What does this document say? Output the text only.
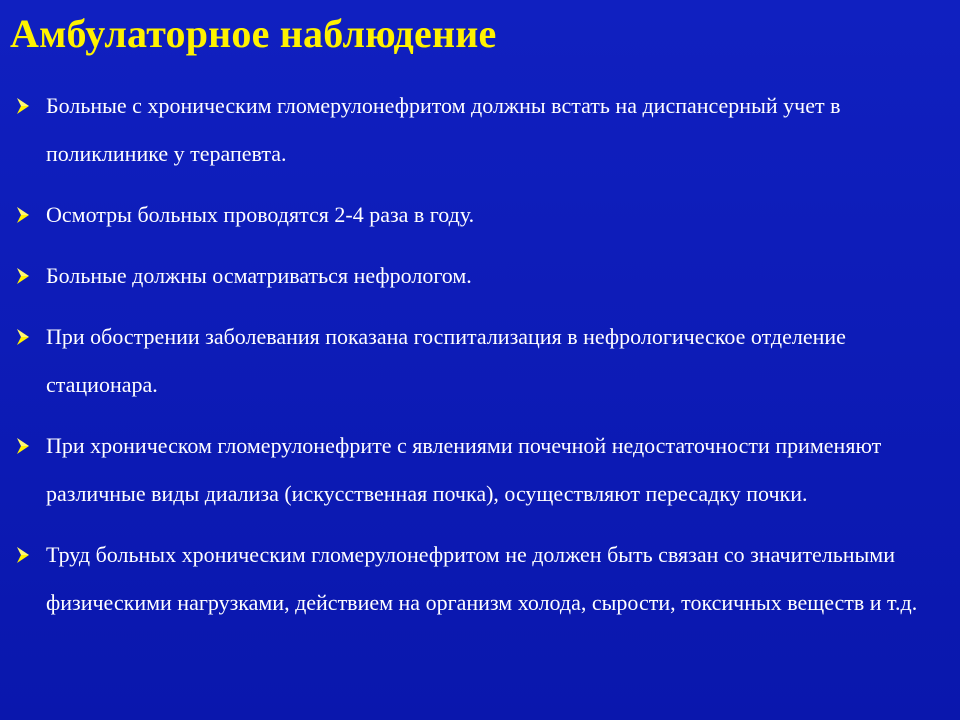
Амбулаторное наблюдение
Больные с хроническим гломерулонефритом должны встать на диспансерный учет в поликлинике у терапевта.
Осмотры больных проводятся 2-4 раза в году.
Больные должны осматриваться нефрологом.
При обострении заболевания показана госпитализация в нефрологическое отделение стационара.
При хроническом гломерулонефрите с явлениями почечной недостаточности применяют различные виды диализа (искусственная почка), осуществляют пересадку почки.
Труд больных хроническим гломерулонефритом не должен быть связан со значительными физическими нагрузками, действием на организм холода, сырости, токсичных веществ и т.д.
